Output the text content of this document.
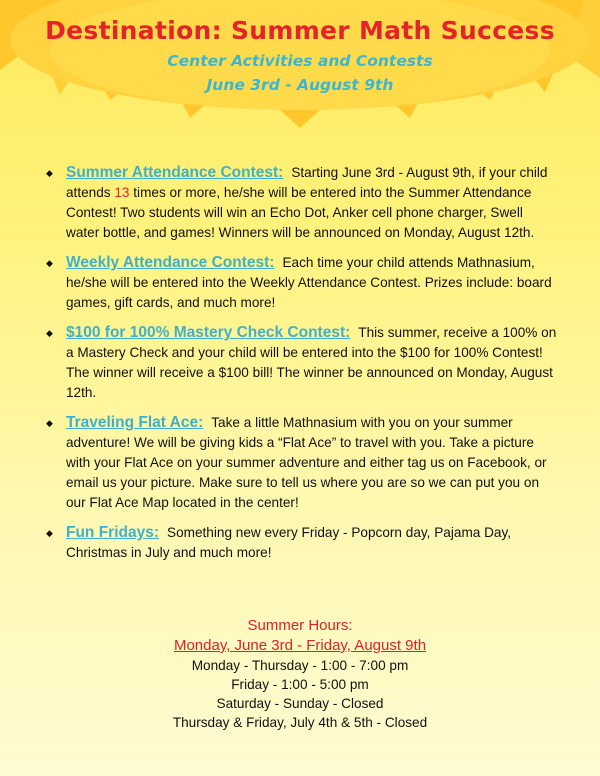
Destination: Summer Math Success
Center Activities and Contests
June 3rd - August 9th
◆ Summer Attendance Contest: Starting June 3rd - August 9th, if your child attends 13 times or more, he/she will be entered into the Summer Attendance Contest! Two students will win an Echo Dot, Anker cell phone charger, Swell water bottle, and games! Winners will be announced on Monday, August 12th.
◆ Weekly Attendance Contest: Each time your child attends Mathnasium, he/she will be entered into the Weekly Attendance Contest. Prizes include: board games, gift cards, and much more!
◆ $100 for 100% Mastery Check Contest: This summer, receive a 100% on a Mastery Check and your child will be entered into the $100 for 100% Contest! The winner will receive a $100 bill! The winner be announced on Monday, August 12th.
◆ Traveling Flat Ace: Take a little Mathnasium with you on your summer adventure! We will be giving kids a “Flat Ace” to travel with you. Take a picture with your Flat Ace on your summer adventure and either tag us on Facebook, or email us your picture. Make sure to tell us where you are so we can put you on our Flat Ace Map located in the center!
◆ Fun Fridays: Something new every Friday - Popcorn day, Pajama Day, Christmas in July and much more!
Summer Hours:
Monday, June 3rd - Friday, August 9th
Monday - Thursday - 1:00 - 7:00 pm
Friday - 1:00 - 5:00 pm
Saturday - Sunday - Closed
Thursday & Friday, July 4th & 5th - Closed
